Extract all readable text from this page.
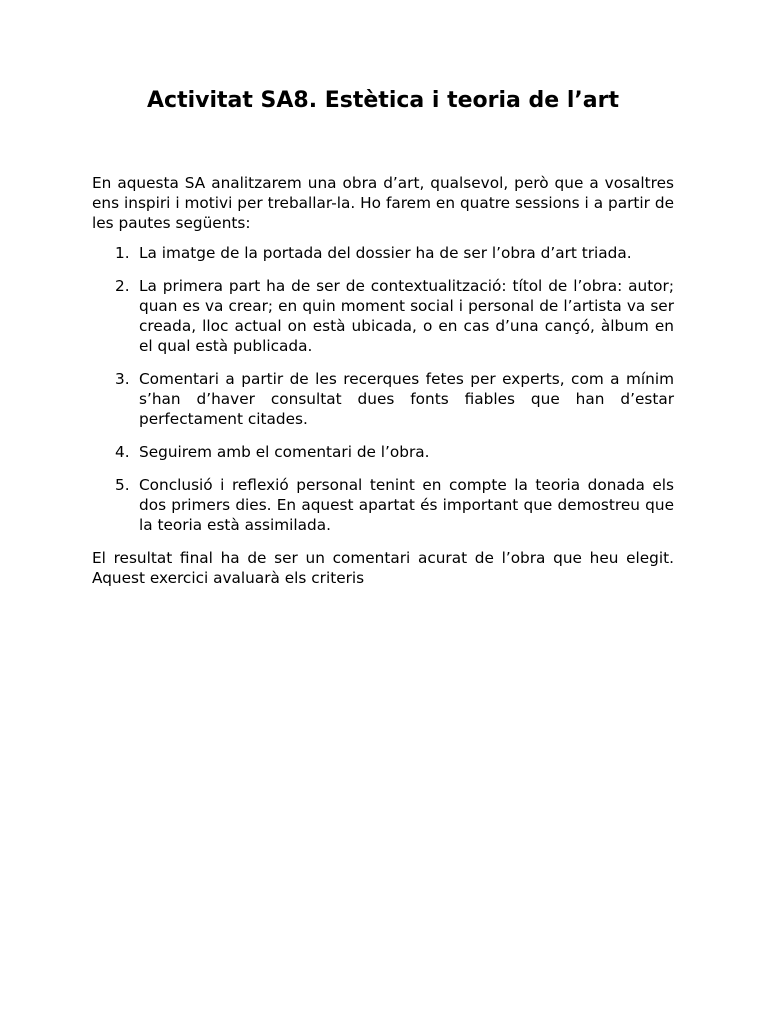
Activitat SA8. Estètica i teoria de l’art

En aquesta SA analitzarem una obra d’art, qualsevol, però que a vosaltres ens inspiri i motivi per treballar-la. Ho farem en quatre sessions i a partir de les pautes següents:

1. La imatge de la portada del dossier ha de ser l’obra d’art triada.
2. La primera part ha de ser de contextualització: títol de l’obra: autor; quan es va crear; en quin moment social i personal de l’artista va ser creada, lloc actual on està ubicada, o en cas d’una cançó, àlbum en el qual està publicada.
3. Comentari a partir de les recerques fetes per experts, com a mínim s’han d’haver consultat dues fonts fiables que han d’estar perfectament citades.
4. Seguirem amb el comentari de l’obra.
5. Conclusió i reflexió personal tenint en compte la teoria donada els dos primers dies. En aquest apartat és important que demostreu que la teoria està assimilada.

El resultat final ha de ser un comentari acurat de l’obra que heu elegit. Aquest exercici avaluarà els criteris
